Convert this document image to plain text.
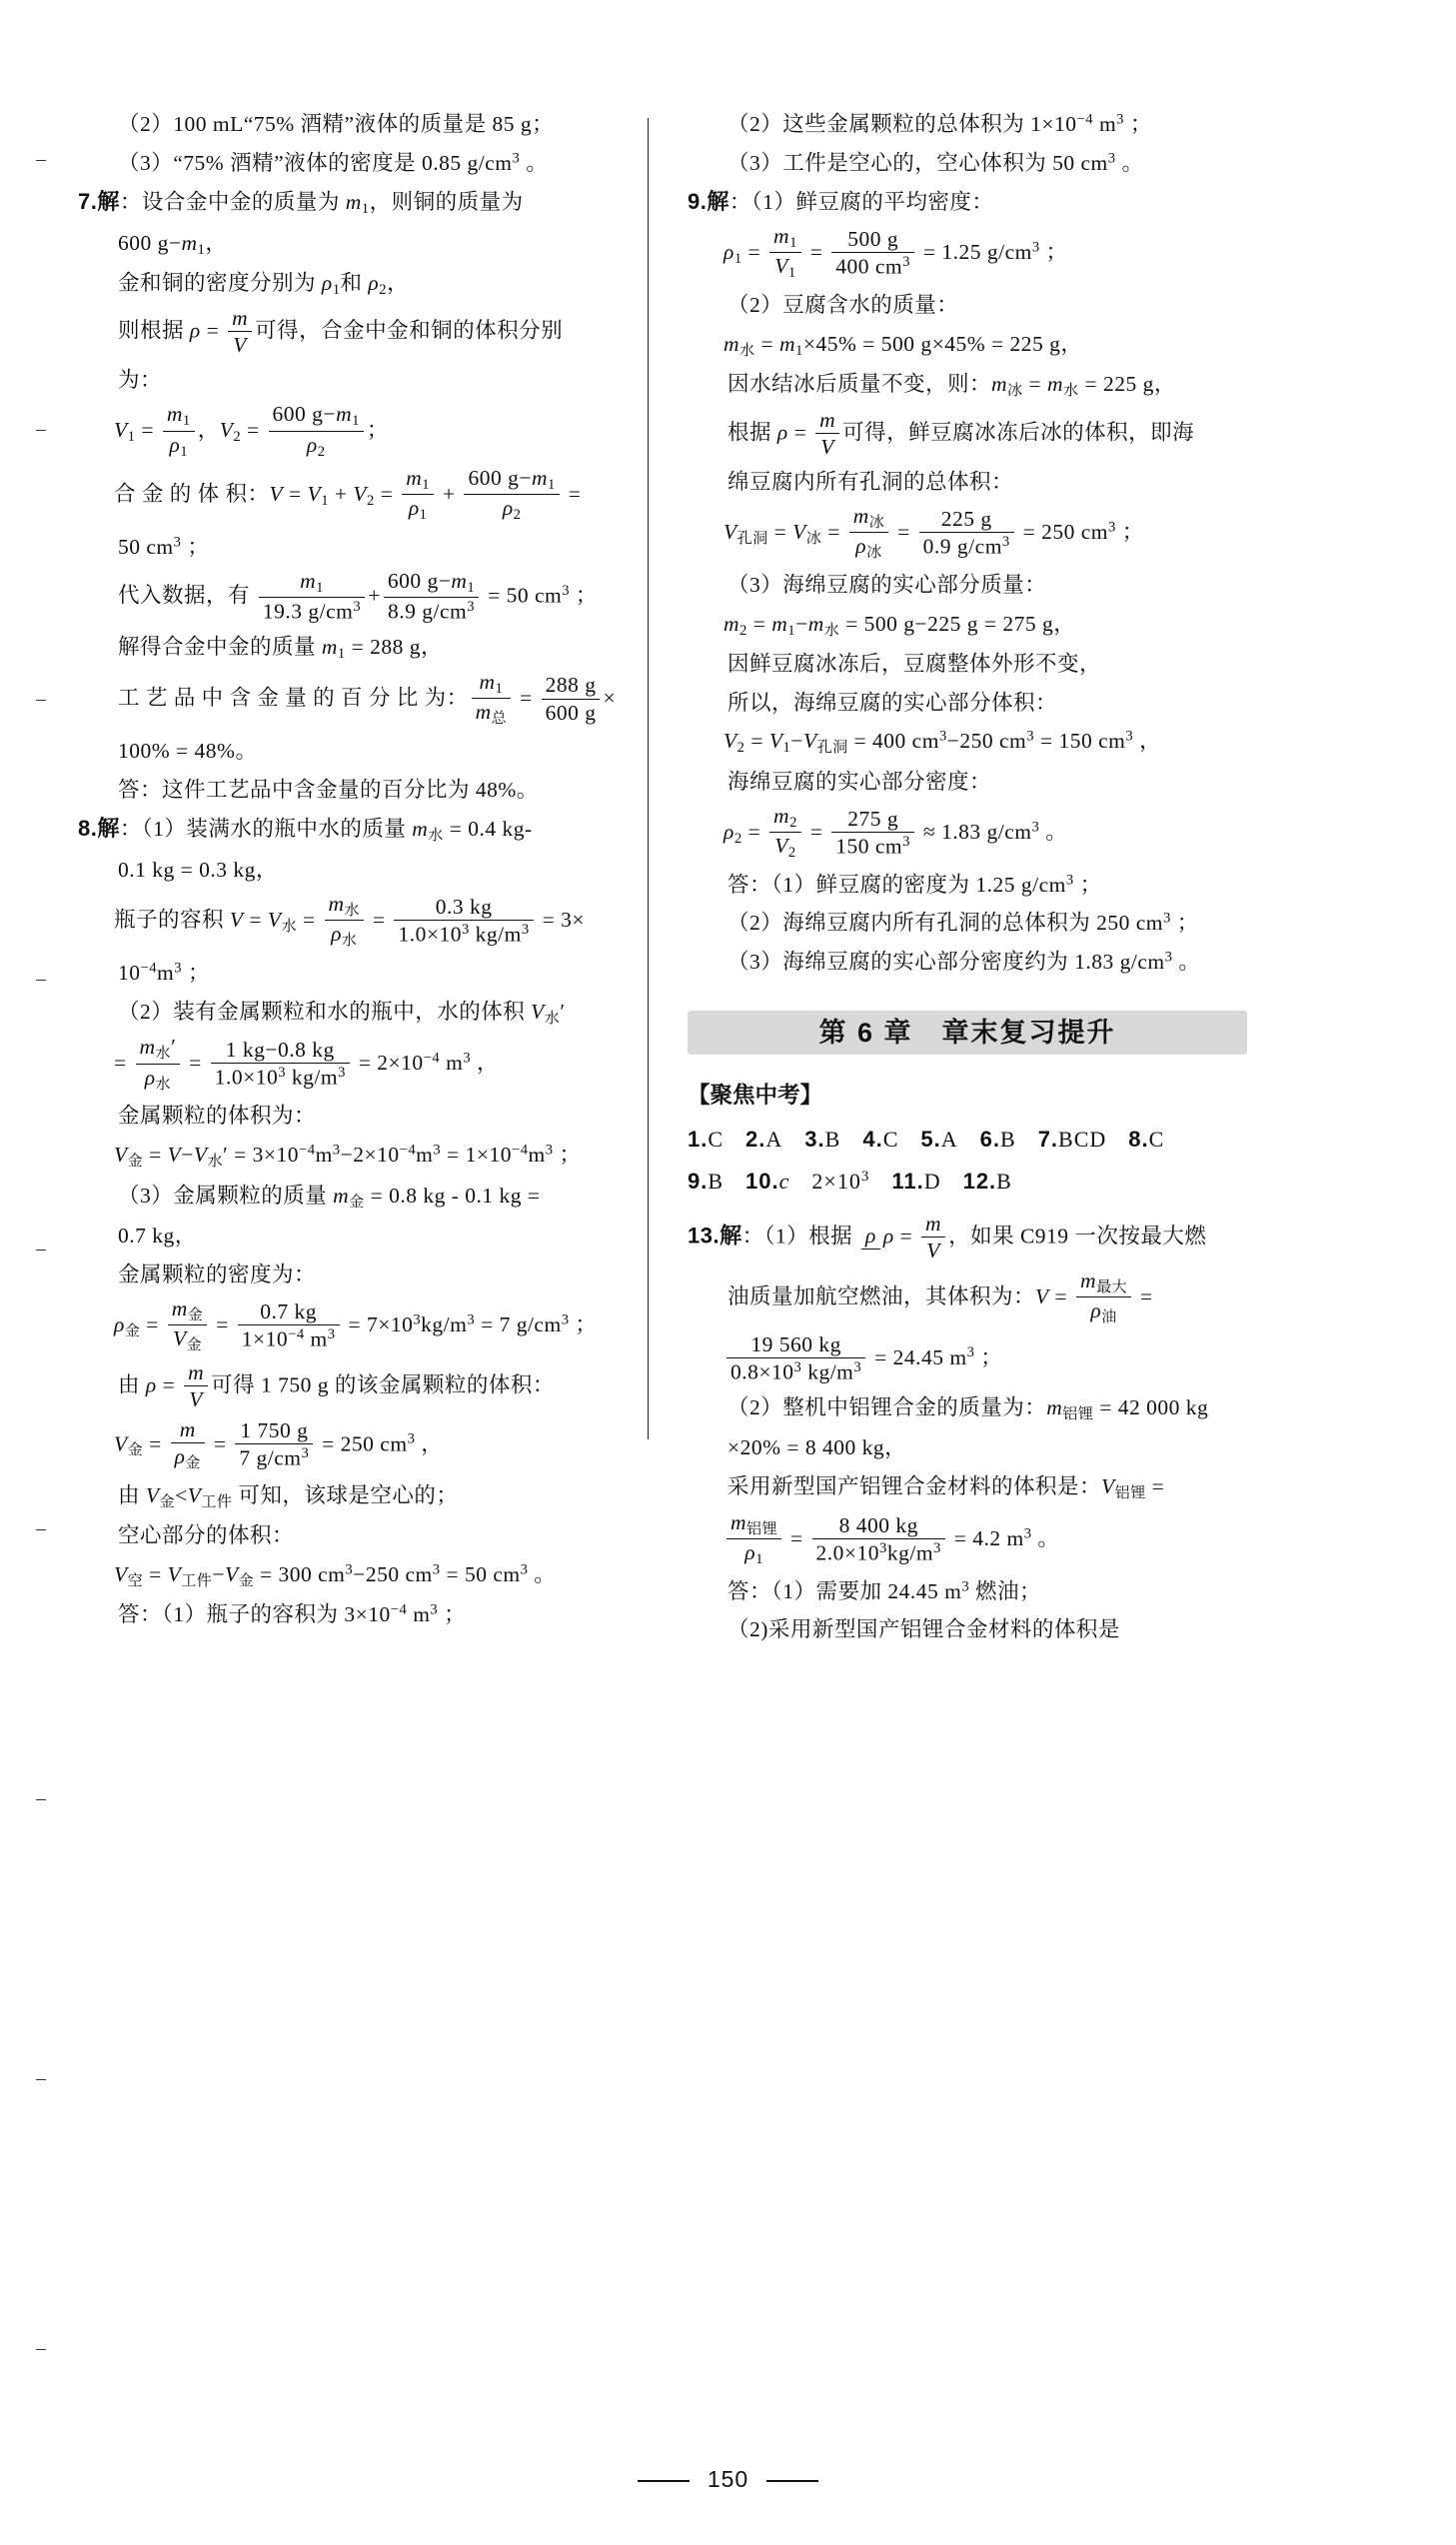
（2）100 mL“75% 酒精”液体的质量是 85 g；

（3）“75% 酒精”液体的密度是 0.85 $g/cm^3$ 。

7.解：设合金中金的质量为 $m_1$，则铜的质量为

600 $g-m_1$，

金和铜的密度分别为 $\rho_1$和 $\rho_2$，

则根据 $\rho = \frac{m}{V}$ 可得，合金中金和铜的体积分别

为：

$V_1 = \frac{m_1}{\rho_1}$ ，$V_2 = \frac{600 g-m_1}{\rho_2}$ ；

合 金 的 体 积：$V = V_1 + V_2 = \frac{m_1}{\rho_1} + \frac{600 g-m_1}{\rho_2}$ =

50 $cm^3$ ；

代入数据，有 $\frac{m_1}{19.3 g/cm^3} + \frac{600 g-m_1}{8.9 g/cm^3} = 50$ $cm^3$ ；

解得合金中金的质量 $m_1 = 288$ g，

工 艺 品 中 含 金 量 的 百 分 比 为： $\frac{m_1}{\text{m总}} = \frac{288 g}{600 g}$ ×

100% = 48%。

答：这件工艺品中含金量的百分比为 48%。

8.解：（1）装满水的瓶中水的质量 m水 = 0.4 kg-

0.1 kg = 0.3 kg，

瓶子的容积 V = V水 = $\frac{\text{m水}}{\text{ρ水}} = \frac{0.3 kg}{1.0\times 10^3 kg/m^3} = 3\times$

$10^{-4}m^3$ ；

（2）装有金属颗粒和水的瓶中，水的体积 V水′

= $\frac{\text{m水′}}{\text{ρ水}} = \frac{1 kg-0.8 kg}{1.0\times 10^3 kg/m^3} = 2\times 10^{-4}$ $m^3$ ，

金属颗粒的体积为：

V金 = V−V水′ = $3\times 10^{-4}m^3-2\times 10^{-4}m^3 = 1\times 10^{-4}m^3$ ；

（3）金属颗粒的质量 m金 = 0.8 kg - 0.1 kg =

0.7 kg，

金属颗粒的密度为：

ρ金 = $\frac{\text{m金}}{\text{V金}} = \frac{0.7 kg}{1\times 10^{-4} m^3} = 7\times 10^3kg/m^3 = 7$ $g/cm^3$ ；

由 $\rho = \frac{m}{V}$ 可得 1 750 g 的该金属颗粒的体积：

V金 = $\frac{m}{\text{ρ金}} = \frac{1 750 g}{7 g/cm^3} = 250$ $cm^3$ ，

由 V金<V工件 可知，该球是空心的；

空心部分的体积：

V空 = V工件−V金 = 300 $cm^3-250$ $cm^3 = 50$ $cm^3$ 。

答：（1）瓶子的容积为 $3\times 10^{-4}$ $m^3$ ；

（2）这些金属颗粒的总体积为 $1\times 10^{-4}$ $m^3$ ；

（3）工件是空心的，空心体积为 50 $cm^3$ 。

9.解：（1）鲜豆腐的平均密度：

$\rho_1 = \frac{m_1}{V_1} = \frac{500 g}{400 cm^3} = 1.25$ $g/cm^3$ ；

（2）豆腐含水的质量：

m水 = $m_1\times 45\% = 500$ g×45% = 225 g，

因水结冰后质量不变，则：m冰 = m水 = 225 g，

根据 $\rho = \frac{m}{V}$ 可得，鲜豆腐冰冻后冰的体积，即海

绵豆腐内所有孔洞的总体积：

V孔洞 = V冰 = $\frac{\text{m冰}}{\text{ρ冰}} = \frac{225 g}{0.9 g/cm^3} = 250$ $cm^3$ ；

（3）海绵豆腐的实心部分质量：

$m_2 = m_1-m$水 = 500 g−225 g = 275 g，

因鲜豆腐冰冻后，豆腐整体外形不变，

所以，海绵豆腐的实心部分体积：

$V_2 = V_1-V$孔洞 = 400 $cm^3-250$ $cm^3 = 150$ $cm^3$ ，

海绵豆腐的实心部分密度：

$\rho_2 = \frac{m_2}{V_2} = \frac{275 g}{150 cm^3} \approx 1.83$ $g/cm^3$ 。

答：（1）鲜豆腐的密度为 1.25 $g/cm^3$ ；

（2）海绵豆腐内所有孔洞的总体积为 250 $cm^3$ ；

（3）海绵豆腐的实心部分密度约为 1.83 $g/cm^3$ 。

第 6 章　章末复习提升
【聚焦中考】
1.C 2.A 3.B 4.C 5.A 6.B 7.BCD 8.C
9.B 10.c $2\times 10^3$ 11.D 12.B

13.解：（1）根据 ρ $\rho = \frac{m}{V}$ ，如果 C919 一次按最大燃

油质量加航空燃油，其体积为：$V = \frac{\text{m最大}}{\text{ρ油}}$ =

$\frac{19 560 kg}{0.8\times 10^3 kg/m^3} = 24.45$ $m^3$ ；

（2）整机中铝锂合金的质量为：m铝锂 = 42 000 kg

×20% = 8 400 kg，

采用新型国产铝锂合金材料的体积是：V铝锂 =

$\frac{\text{m铝锂}}{\rho_1} = \frac{8 400 kg}{2.0\times 10^3kg/m^3} = 4.2$ $m^3$ 。

答：（1）需要加 24.45 $m^3$ 燃油；

（2)采用新型国产铝锂合金材料的体积是

150
